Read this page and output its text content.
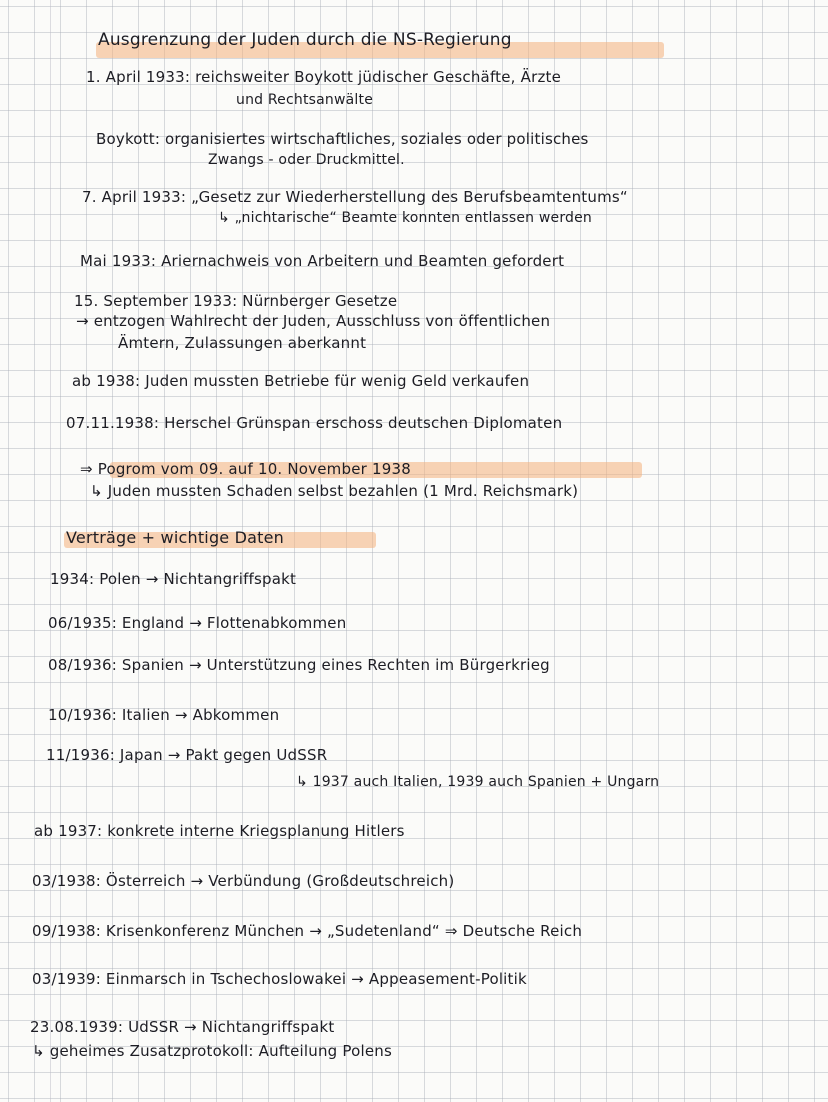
Ausgrenzung der Juden durch die NS-Regierung
1. April 1933: reichsweiter Boykott jüdischer Geschäfte, Ärzte
und Rechtsanwälte
Boykott: organisiertes wirtschaftliches, soziales oder politisches
Zwangs - oder Druckmittel.
7. April 1933: „Gesetz zur Wiederherstellung des Berufsbeamtentums“
↳ „nichtarische“ Beamte konnten entlassen werden
Mai 1933: Ariernachweis von Arbeitern und Beamten gefordert
15. September 1933: Nürnberger Gesetze
→ entzogen Wahlrecht der Juden, Ausschluss von öffentlichen
Ämtern, Zulassungen aberkannt
ab 1938: Juden mussten Betriebe für wenig Geld verkaufen
07.11.1938: Herschel Grünspan erschoss deutschen Diplomaten
⇒ Pogrom vom 09. auf 10. November 1938
↳ Juden mussten Schaden selbst bezahlen (1 Mrd. Reichsmark)
Verträge + wichtige Daten
1934: Polen → Nichtangriffspakt
06/1935: England → Flottenabkommen
08/1936: Spanien → Unterstützung eines Rechten im Bürgerkrieg
10/1936: Italien → Abkommen
11/1936: Japan → Pakt gegen UdSSR
↳ 1937 auch Italien, 1939 auch Spanien + Ungarn
ab 1937: konkrete interne Kriegsplanung Hitlers
03/1938: Österreich → Verbündung (Großdeutschreich)
09/1938: Krisenkonferenz München → „Sudetenland“ ⇒ Deutsche Reich
03/1939: Einmarsch in Tschechoslowakei → Appeasement-Politik
23.08.1939: UdSSR → Nichtangriffspakt
↳ geheimes Zusatzprotokoll: Aufteilung Polens
